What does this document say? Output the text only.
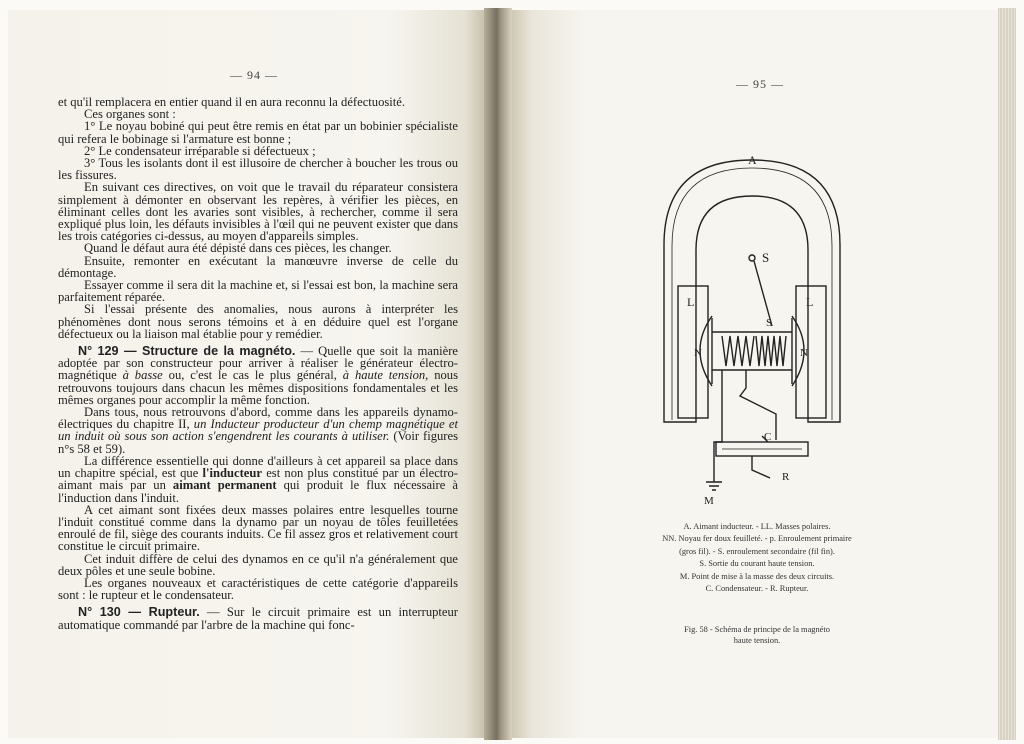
— 94 —

et qu'il remplacera en entier quand il en aura reconnu la défectuosité.

Ces organes sont :

1° Le noyau bobiné qui peut être remis en état par un bobinier spécialiste qui refera le bobinage si l'armature est bonne ;

2° Le condensateur irréparable si défectueux ;

3° Tous les isolants dont il est illusoire de chercher à boucher les trous ou les fissures.

En suivant ces directives, on voit que le travail du réparateur consistera simplement à démonter en observant les repères, à vérifier les pièces, en éliminant celles dont les avaries sont visibles, à rechercher, comme il sera expliqué plus loin, les défauts invisibles à l'œil qui ne peuvent exister que dans les trois catégories ci-dessus, au moyen d'appareils simples.

Quand le défaut aura été dépisté dans ces pièces, les changer.

Ensuite, remonter en exécutant la manœuvre inverse de celle du démontage.

Essayer comme il sera dit la machine et, si l'essai est bon, la machine sera parfaitement réparée.

Si l'essai présente des anomalies, nous aurons à interpréter les phénomènes dont nous serons témoins et à en déduire quel est l'organe défectueux ou la liaison mal établie pour y remédier.

N° 129 — Structure de la magnéto. — Quelle que soit la manière adoptée par son constructeur pour arriver à réaliser le générateur électro-magnétique à basse ou, c'est le cas le plus général, à haute tension, nous retrouvons toujours dans chacun les mêmes dispositions fondamentales et les mêmes organes pour accomplir la même fonction.

Dans tous, nous retrouvons d'abord, comme dans les appareils dynamo-électriques du chapitre II, un Inducteur producteur d'un chemp magnétique et un induit où sous son action s'engendrent les courants à utiliser. (Voir figures n°s 58 et 59).

La différence essentielle qui donne d'ailleurs à cet appareil sa place dans un chapitre spécial, est que l'inducteur est non plus constitué par un électro-aimant mais par un aimant permanent qui produit le flux nécessaire à l'induction dans l'induit.

A cet aimant sont fixées deux masses polaires entre lesquelles tourne l'induit constitué comme dans la dynamo par un noyau de tôles feuilletées enroulé de fil, siège des courants induits. Ce fil assez gros et relativement court constitue le circuit primaire.

Cet induit diffère de celui des dynamos en ce qu'il n'a généralement que deux pôles et une seule bobine.

Les organes nouveaux et caractéristiques de cette catégorie d'appareils sont : le rupteur et le condensateur.

N° 130 — Rupteur. — Sur le circuit primaire est un interrupteur automatique commandé par l'arbre de la machine qui fonc-

— 95 —
A
S
L	L
N	N
S
C
R
M
A. Aimant inducteur. - LL. Masses polaires.
NN. Noyau fer doux feuilleté. - p. Enroulement primaire
(gros fil). - S. enroulement secondaire (fil fin).
S. Sortie du courant haute tension.
M. Point de mise à la masse des deux circuits.
C. Condensateur. - R. Rupteur.
Fig. 58 - Schéma de principe de la magnéto
haute tension.
